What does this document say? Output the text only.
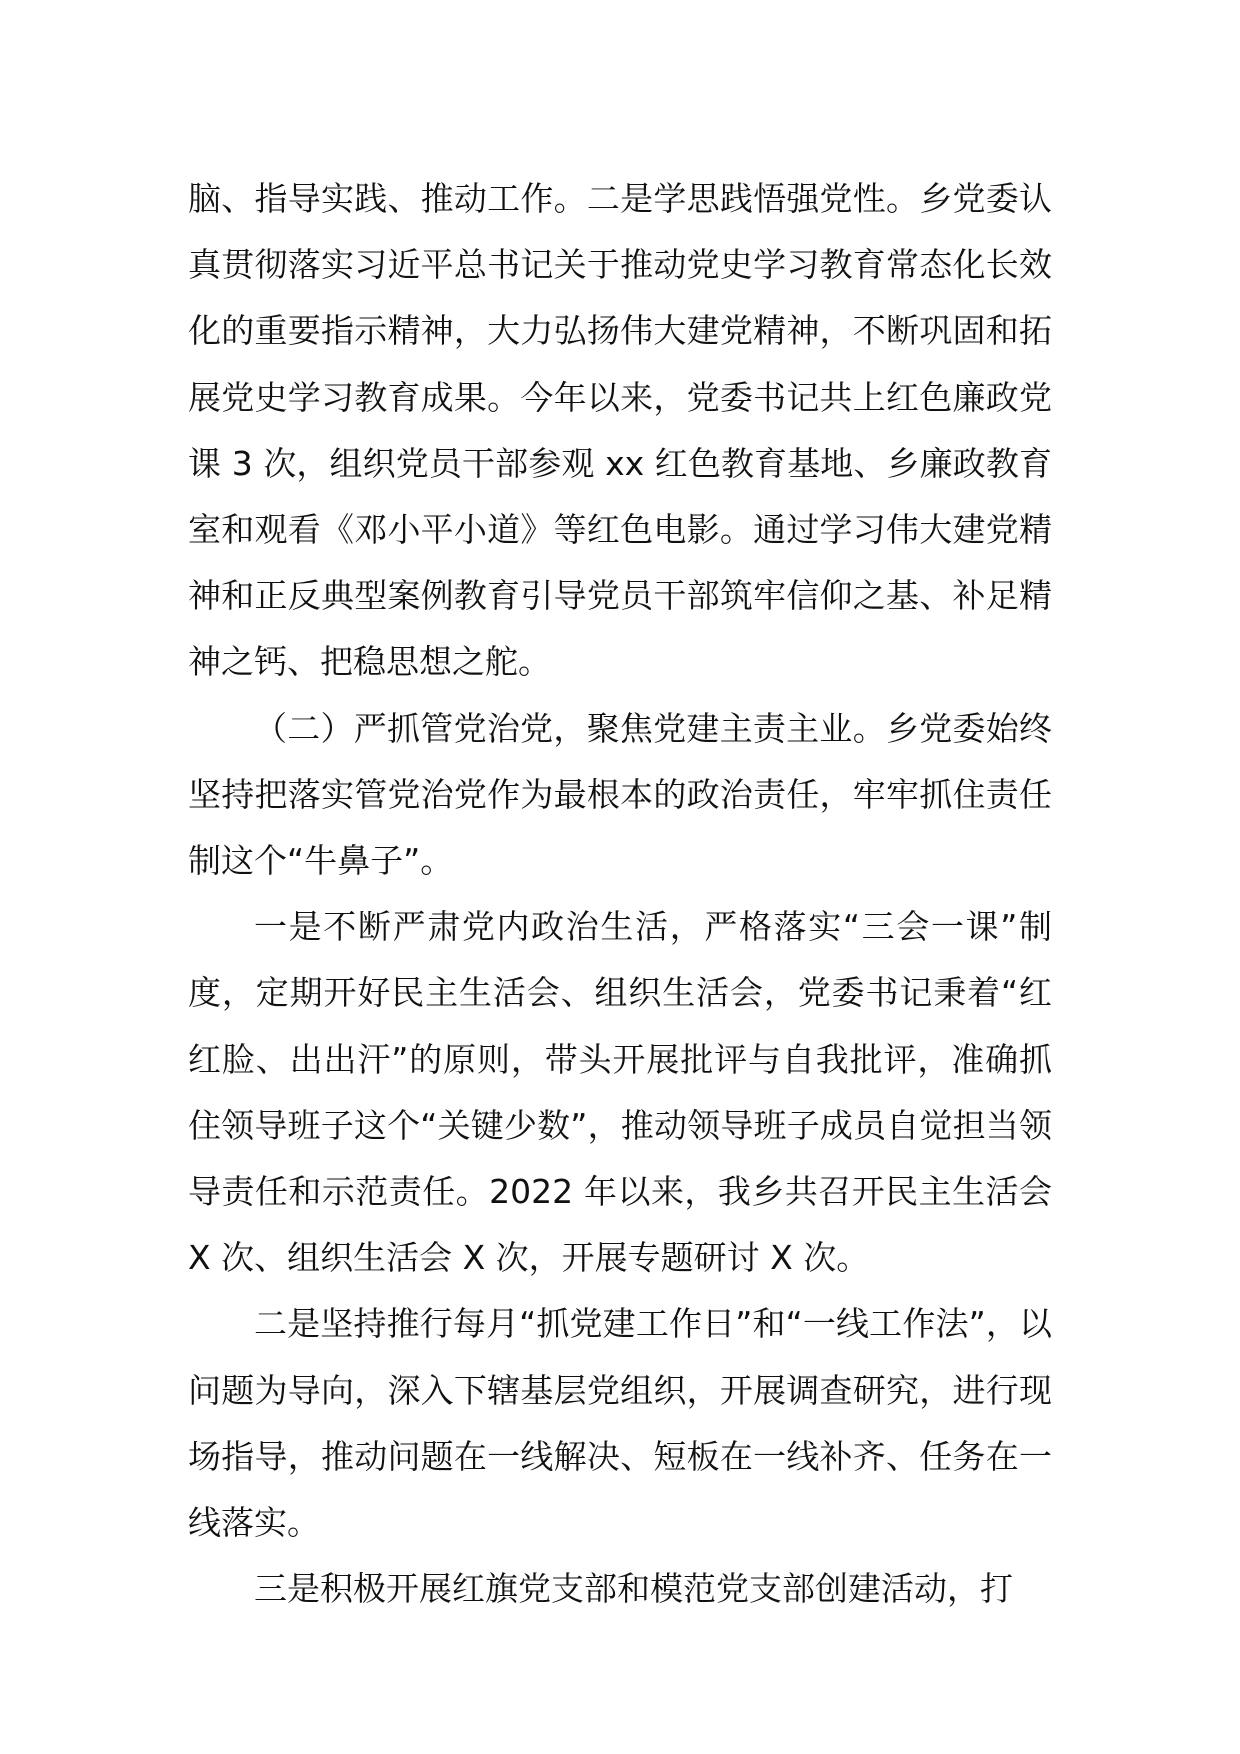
脑、指导实践、推动工作。二是学思践悟强党性。乡党委认真贯彻落实习近平总书记关于推动党史学习教育常态化长效化的重要指示精神，大力弘扬伟大建党精神，不断巩固和拓展党史学习教育成果。今年以来，党委书记共上红色廉政党课 3 次，组织党员干部参观 xx 红色教育基地、乡廉政教育室和观看《邓小平小道》等红色电影。通过学习伟大建党精神和正反典型案例教育引导党员干部筑牢信仰之基、补足精神之钙、把稳思想之舵。

（二）严抓管党治党，聚焦党建主责主业。乡党委始终坚持把落实管党治党作为最根本的政治责任，牢牢抓住责任制这个“牛鼻子”。

一是不断严肃党内政治生活，严格落实“三会一课”制度，定期开好民主生活会、组织生活会，党委书记秉着“红红脸、出出汗”的原则，带头开展批评与自我批评，准确抓住领导班子这个“关键少数”，推动领导班子成员自觉担当领导责任和示范责任。2022 年以来，我乡共召开民主生活会 X 次、组织生活会 X 次，开展专题研讨 X 次。

二是坚持推行每月“抓党建工作日”和“一线工作法”，以问题为导向，深入下辖基层党组织，开展调查研究，进行现场指导，推动问题在一线解决、短板在一线补齐、任务在一线落实。

三是积极开展红旗党支部和模范党支部创建活动，打
